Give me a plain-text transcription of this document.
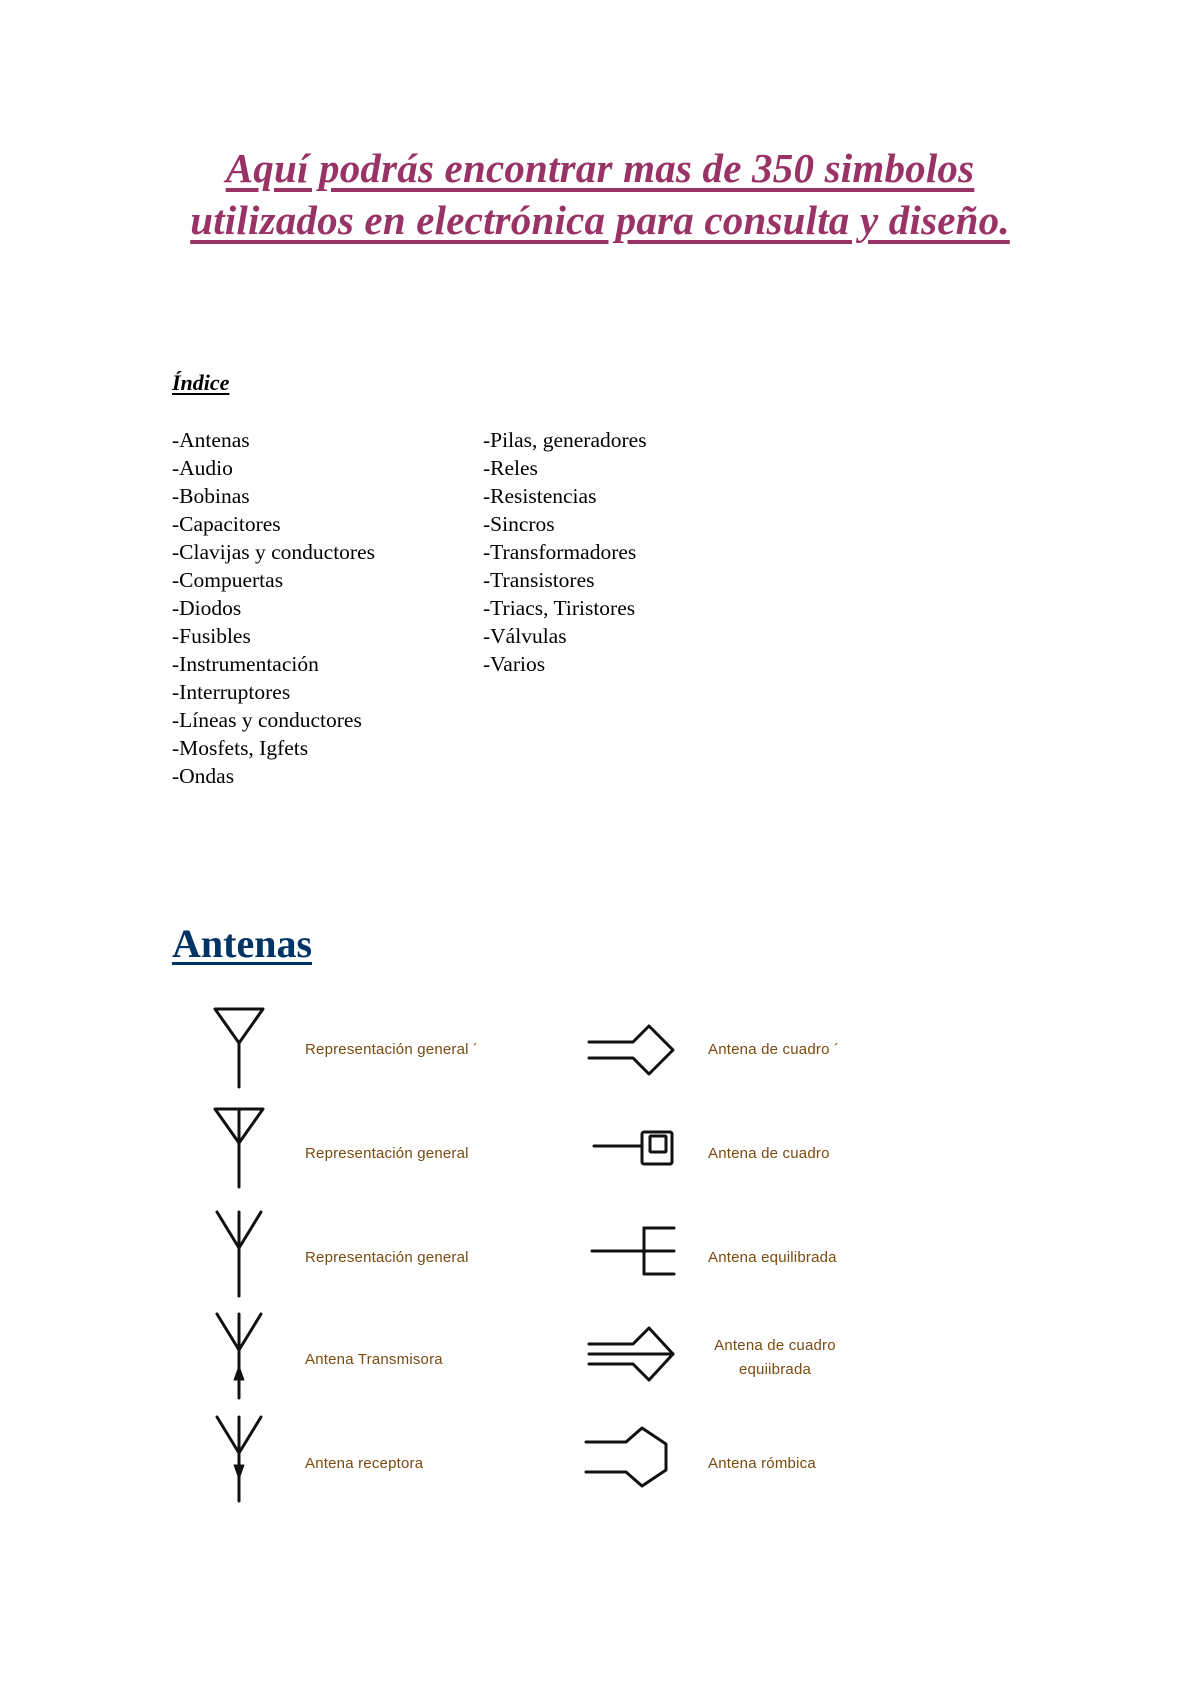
Aquí podrás encontrar mas de 350 simbolos utilizados en electrónica para consulta y diseño.
Índice
-Antenas
-Audio
-Bobinas
-Capacitores
-Clavijas y conductores
-Compuertas
-Diodos
-Fusibles
-Instrumentación
-Interruptores
-Líneas y conductores
-Mosfets, Igfets
-Ondas
-Pilas, generadores
-Reles
-Resistencias
-Sincros
-Transformadores
-Transistores
-Triacs, Tiristores
-Válvulas
-Varios
Antenas
Representación general ´
Representación general
Representación general
Antena Transmisora
Antena receptora
Antena de cuadro ´
Antena de cuadro
Antena equilibrada
Antena de cuadro
equiibrada
Antena rómbica
